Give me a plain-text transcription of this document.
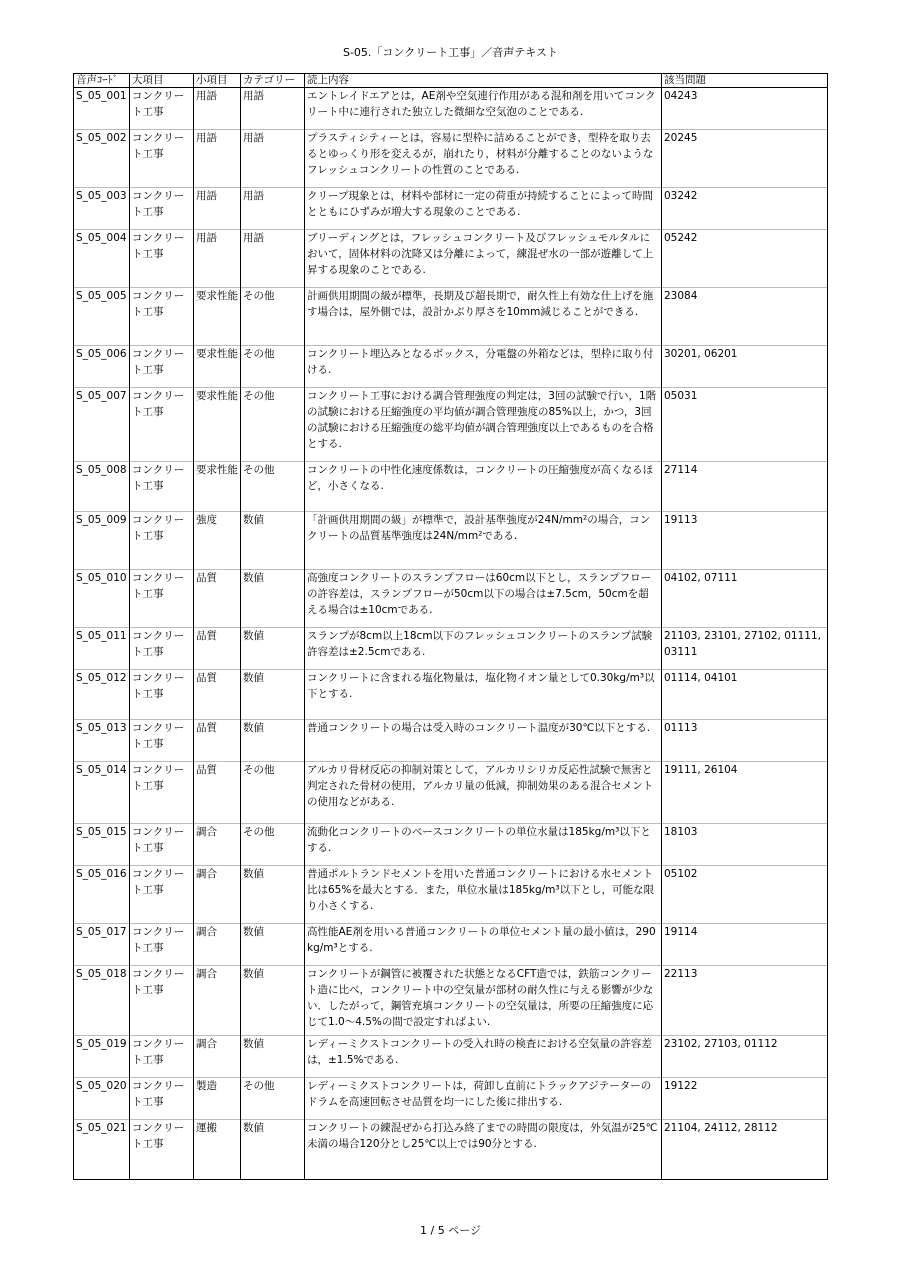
S-05.「コンクリート工事」／音声テキスト
音声ｺｰﾄﾞ	大項目	小項目	カテゴリー	読上内容	該当問題
S_05_001	コンクリート工事	用語	用語	エントレイドエアとは，AE剤や空気連行作用がある混和剤を用いてコンクリート中に連行された独立した微細な空気泡のことである.	04243
S_05_002	コンクリート工事	用語	用語	プラスティシティーとは，容易に型枠に詰めることができ，型枠を取り去るとゆっくり形を変えるが，崩れたり，材料が分離することのないようなフレッシュコンクリートの性質のことである.	20245
S_05_003	コンクリート工事	用語	用語	クリープ現象とは，材料や部材に一定の荷重が持続することによって時間とともにひずみが増大する現象のことである.	03242
S_05_004	コンクリート工事	用語	用語	ブリーディングとは，フレッシュコンクリート及びフレッシュモルタルにおいて，固体材料の沈降又は分離によって，練混ぜ水の一部が遊離して上昇する現象のことである.	05242
S_05_005	コンクリート工事	要求性能	その他	計画供用期間の級が標準，長期及び超長期で，耐久性上有効な仕上げを施す場合は，屋外側では，設計かぶり厚さを10mm減じることができる.	23084
S_05_006	コンクリート工事	要求性能	その他	コンクリート埋込みとなるボックス，分電盤の外箱などは，型枠に取り付ける.	30201, 06201
S_05_007	コンクリート工事	要求性能	その他	コンクリート工事における調合管理強度の判定は，3回の試験で行い，1階の試験における圧縮強度の平均値が調合管理強度の85%以上，かつ，3回の試験における圧縮強度の総平均値が調合管理強度以上であるものを合格とする.	05031
S_05_008	コンクリート工事	要求性能	その他	コンクリートの中性化速度係数は，コンクリートの圧縮強度が高くなるほど，小さくなる.	27114
S_05_009	コンクリート工事	強度	数値	「計画供用期間の級」が標準で，設計基準強度が24N/mm²の場合，コンクリートの品質基準強度は24N/mm²である.	19113
S_05_010	コンクリート工事	品質	数値	高強度コンクリートのスランプフローは60cm以下とし，スランプフローの許容差は，スランプフローが50cm以下の場合は±7.5cm，50cmを超える場合は±10cmである.	04102, 07111
S_05_011	コンクリート工事	品質	数値	スランプが8cm以上18cm以下のフレッシュコンクリートのスランプ試験許容差は±2.5cmである.	21103, 23101, 27102, 01111, 03111
S_05_012	コンクリート工事	品質	数値	コンクリートに含まれる塩化物量は，塩化物イオン量として0.30kg/m³以下とする.	01114, 04101
S_05_013	コンクリート工事	品質	数値	普通コンクリートの場合は受入時のコンクリート温度が30℃以下とする.	01113
S_05_014	コンクリート工事	品質	その他	アルカリ骨材反応の抑制対策として，アルカリシリカ反応性試験で無害と判定された骨材の使用，アルカリ量の低減，抑制効果のある混合セメントの使用などがある.	19111, 26104
S_05_015	コンクリート工事	調合	その他	流動化コンクリートのベースコンクリートの単位水量は185kg/m³以下とする.	18103
S_05_016	コンクリート工事	調合	数値	普通ポルトランドセメントを用いた普通コンクリートにおける水セメント比は65%を最大とする．また，単位水量は185kg/m³以下とし，可能な限り小さくする.	05102
S_05_017	コンクリート工事	調合	数値	高性能AE剤を用いる普通コンクリートの単位セメント量の最小値は，290kg/m³とする.	19114
S_05_018	コンクリート工事	調合	数値	コンクリートが鋼管に被覆された状態となるCFT造では，鉄筋コンクリート造に比べ，コンクリート中の空気量が部材の耐久性に与える影響が少ない．したがって，鋼管充填コンクリートの空気量は，所要の圧縮強度に応じて1.0～4.5%の間で設定すればよい.	22113
S_05_019	コンクリート工事	調合	数値	レディーミクストコンクリートの受入れ時の検査における空気量の許容差は，±1.5%である.	23102, 27103, 01112
S_05_020	コンクリート工事	製造	その他	レディーミクストコンクリートは，荷卸し直前にトラックアジテーターのドラムを高速回転させ品質を均一にした後に排出する.	19122
S_05_021	コンクリート工事	運搬	数値	コンクリートの練混ぜから打込み終了までの時間の限度は，外気温が25℃未満の場合120分とし25℃以上では90分とする.	21104, 24112, 28112
1 / 5 ページ
